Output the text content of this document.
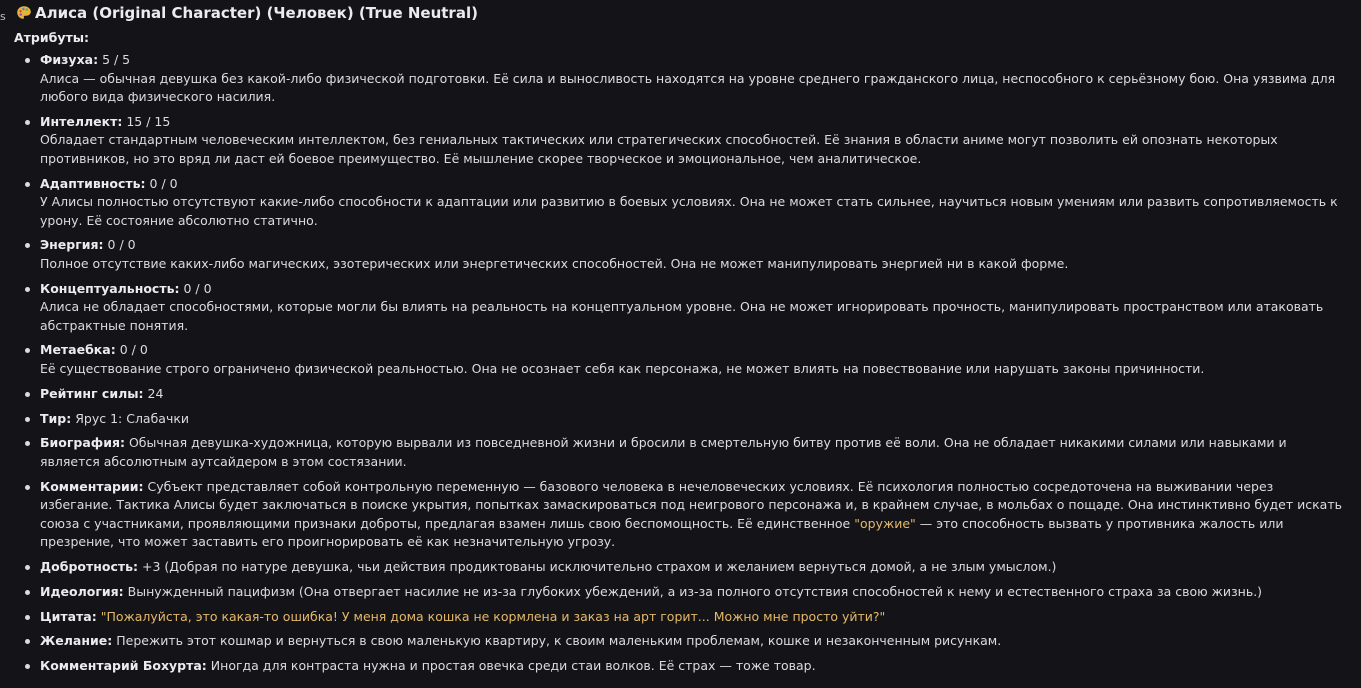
s Алиса (Original Character) (Человек) (True Neutral)
Атрибуты:
Физуха: 5 / 5
Алиса — обычная девушка без какой-либо физической подготовки. Её сила и выносливость находятся на уровне среднего гражданского лица, неспособного к серьёзному бою. Она уязвима для любого вида физического насилия.
Интеллект: 15 / 15
Обладает стандартным человеческим интеллектом, без гениальных тактических или стратегических способностей. Её знания в области аниме могут позволить ей опознать некоторых противников, но это вряд ли даст ей боевое преимущество. Её мышление скорее творческое и эмоциональное, чем аналитическое.
Адаптивность: 0 / 0
У Алисы полностью отсутствуют какие-либо способности к адаптации или развитию в боевых условиях. Она не может стать сильнее, научиться новым умениям или развить сопротивляемость к урону. Её состояние абсолютно статично.
Энергия: 0 / 0
Полное отсутствие каких-либо магических, эзотерических или энергетических способностей. Она не может манипулировать энергией ни в какой форме.
Концептуальность: 0 / 0
Алиса не обладает способностями, которые могли бы влиять на реальность на концептуальном уровне. Она не может игнорировать прочность, манипулировать пространством или атаковать абстрактные понятия.
Метаебка: 0 / 0
Её существование строго ограничено физической реальностью. Она не осознает себя как персонажа, не может влиять на повествование или нарушать законы причинности.
Рейтинг силы: 24
Тир: Ярус 1: Слабачки
Биография: Обычная девушка-художница, которую вырвали из повседневной жизни и бросили в смертельную битву против её воли. Она не обладает никакими силами или навыками и является абсолютным аутсайдером в этом состязании.
Комментарии: Субъект представляет собой контрольную переменную — базового человека в нечеловеческих условиях. Её психология полностью сосредоточена на выживании через избегание. Тактика Алисы будет заключаться в поиске укрытия, попытках замаскироваться под неигрового персонажа и, в крайнем случае, в мольбах о пощаде. Она инстинктивно будет искать союза с участниками, проявляющими признаки доброты, предлагая взамен лишь свою беспомощность. Её единственное "оружие" — это способность вызвать у противника жалость или презрение, что может заставить его проигнорировать её как незначительную угрозу.
Добротность: +3 (Добрая по натуре девушка, чьи действия продиктованы исключительно страхом и желанием вернуться домой, а не злым умыслом.)
Идеология: Вынужденный пацифизм (Она отвергает насилие не из-за глубоких убеждений, а из-за полного отсутствия способностей к нему и естественного страха за свою жизнь.)
Цитата: "Пожалуйста, это какая-то ошибка! У меня дома кошка не кормлена и заказ на арт горит... Можно мне просто уйти?"
Желание: Пережить этот кошмар и вернуться в свою маленькую квартиру, к своим маленьким проблемам, кошке и незаконченным рисункам.
Комментарий Бохурта: Иногда для контраста нужна и простая овечка среди стаи волков. Её страх — тоже товар.
